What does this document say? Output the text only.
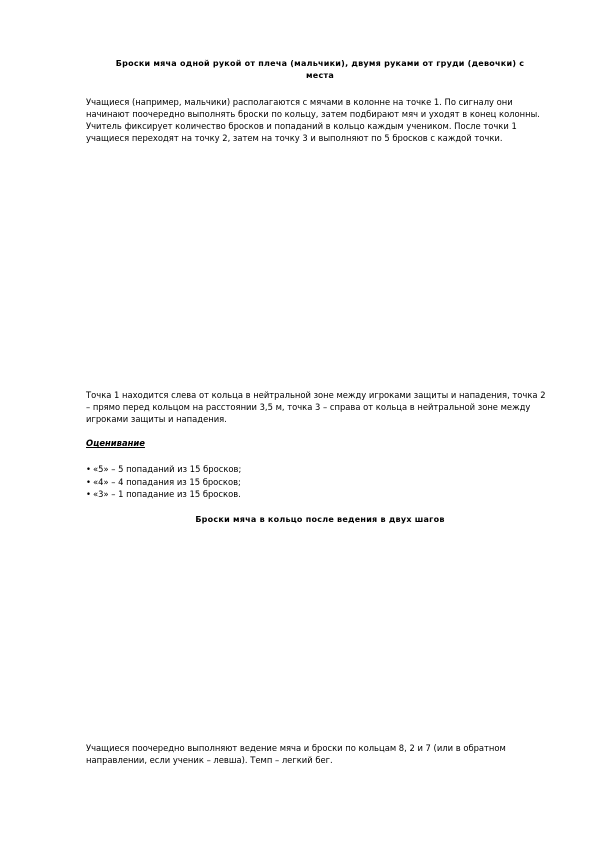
Броски мяча одной рукой от плеча (мальчики), двумя руками от груди (девочки) с места

Учащиеся (например, мальчики) располагаются с мячами в колонне на точке 1. По сигналу они начинают поочередно выполнять броски по кольцу, затем подбирают мяч и уходят в конец колонны. Учитель фиксирует количество бросков и попаданий в кольцо каждым учеником. После точки 1 учащиеся переходят на точку 2, затем на точку 3 и выполняют по 5 бросков с каждой точки.

Точка 1 находится слева от кольца в нейтральной зоне между игроками защиты и нападения, точка 2 – прямо перед кольцом на расстоянии 3,5 м, точка 3 – справа от кольца в нейтральной зоне между игроками защиты и нападения.

Оценивание
• «5» – 5 попаданий из 15 бросков;
• «4» – 4 попадания из 15 бросков;
• «3» – 1 попадание из 15 бросков.
Броски мяча в кольцо после ведения в двух шагов

Учащиеся поочередно выполняют ведение мяча и броски по кольцам 8, 2 и 7 (или в обратном направлении, если ученик – левша). Темп – легкий бег.
